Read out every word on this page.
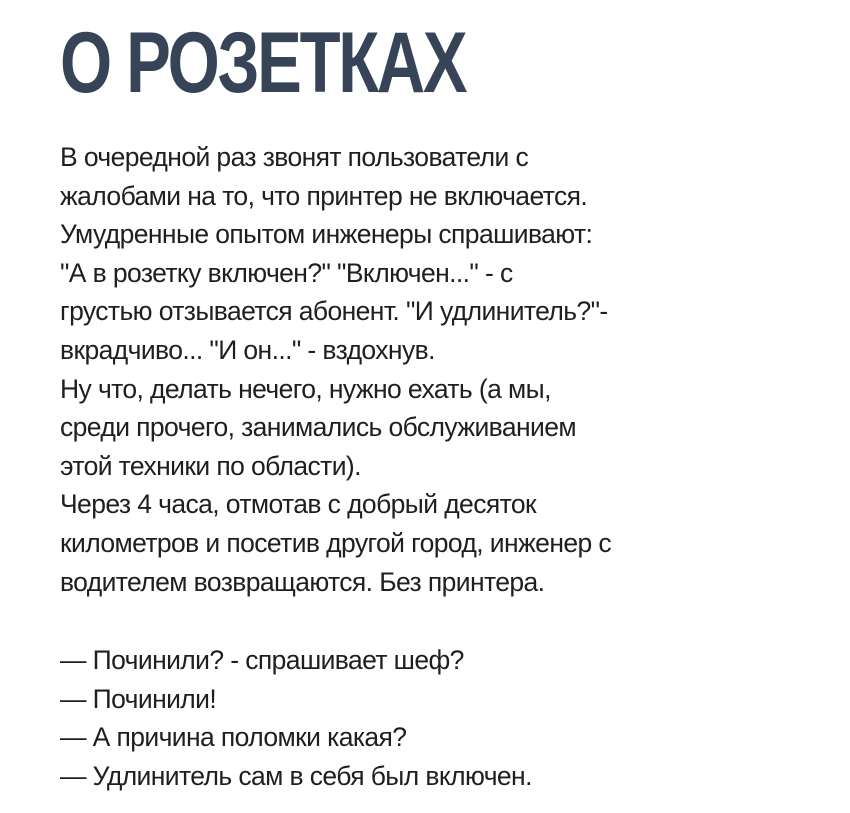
О РОЗЕТКАХ
В очередной раз звонят пользователи с
жалобами на то, что принтер не включается.
Умудренные опытом инженеры спрашивают:
"А в розетку включен?" "Включен..." - с
грустью отзывается абонент. "И удлинитель?"-
вкрадчиво... "И он..." - вздохнув.
Ну что, делать нечего, нужно ехать (а мы,
среди прочего, занимались обслуживанием
этой техники по области).
Через 4 часа, отмотав с добрый десяток
километров и посетив другой город, инженер с
водителем возвращаются. Без принтера.
— Починили? - спрашивает шеф?
— Починили!
— А причина поломки какая?
— Удлинитель сам в себя был включен.
